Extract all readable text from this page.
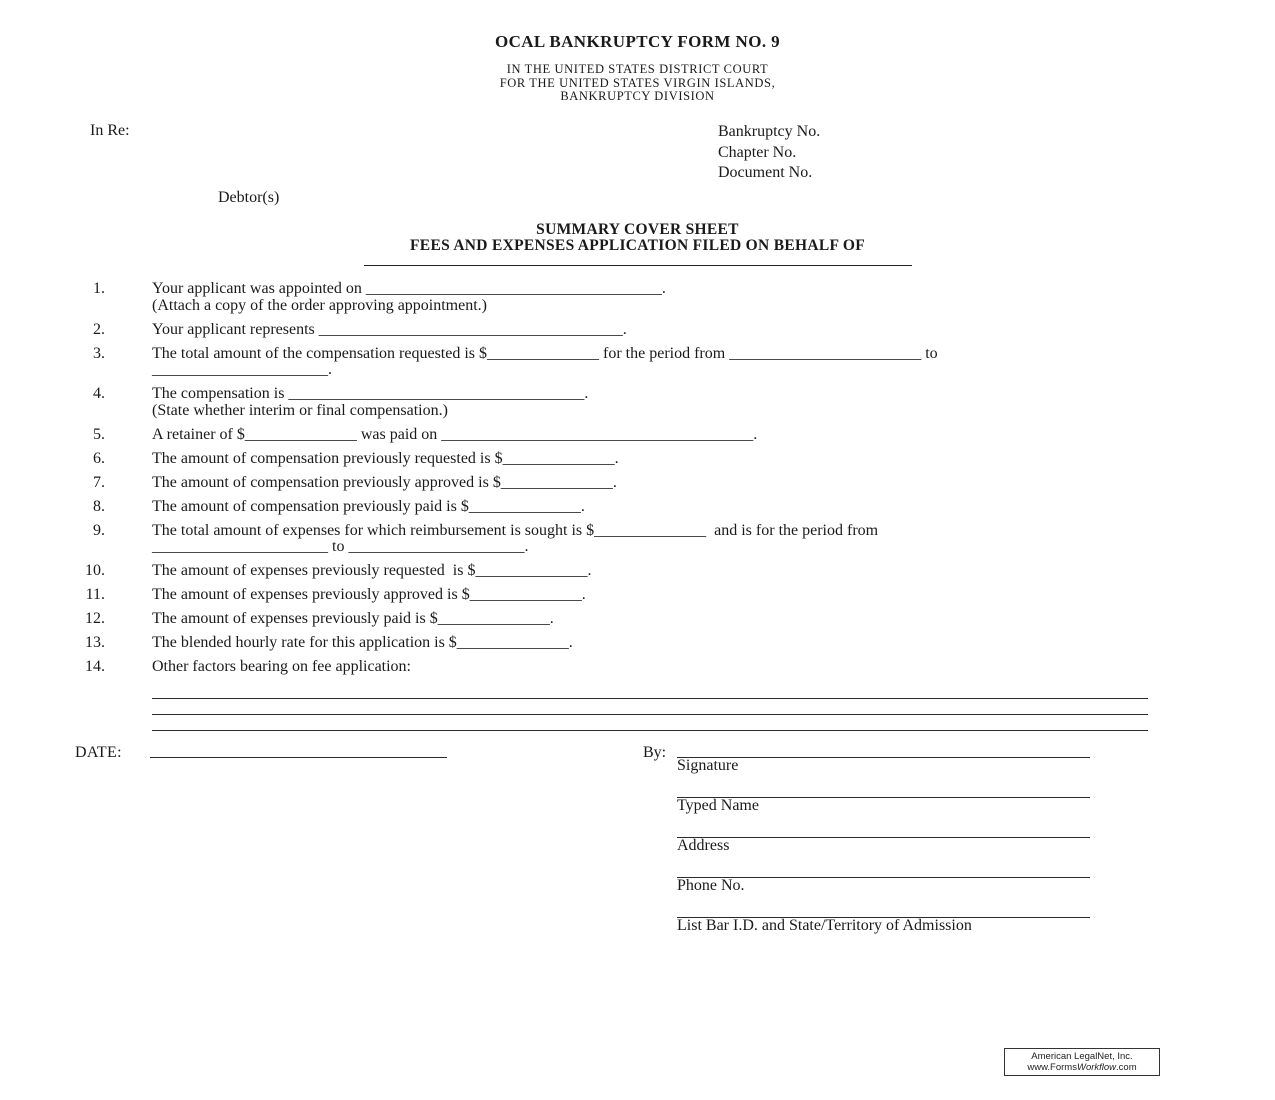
OCAL BANKRUPTCY FORM NO. 9
IN THE UNITED STATES DISTRICT COURT
FOR THE UNITED STATES VIRGIN ISLANDS,
BANKRUPTCY DIVISION
In Re:	Bankruptcy No.
Chapter No.
Document No.
Debtor(s)
SUMMARY COVER SHEET
FEES AND EXPENSES APPLICATION FILED ON BEHALF OF
1.	Your applicant was appointed on _____________________________________.
(Attach a copy of the order approving appointment.)
2.	Your applicant represents ______________________________________.
3.	The total amount of the compensation requested is $______________ for the period from ________________________ to
______________________.
4.	The compensation is _____________________________________.
(State whether interim or final compensation.)
5.	A retainer of $______________ was paid on _______________________________________.
6.	The amount of compensation previously requested is $______________.
7.	The amount of compensation previously approved is $______________.
8.	The amount of compensation previously paid is $______________.
9.	The total amount of expenses for which reimbursement is sought is $______________  and is for the period from
______________________ to ______________________.
10.	The amount of expenses previously requested  is $______________.
11.	The amount of expenses previously approved is $______________.
12.	The amount of expenses previously paid is $______________.
13.	The blended hourly rate for this application is $______________.
14.	Other factors bearing on fee application:
DATE:	By:
Signature
Typed Name
Address
Phone No.
List Bar I.D. and State/Territory of Admission
American LegalNet, Inc.
www.FormsWorkflow.com
